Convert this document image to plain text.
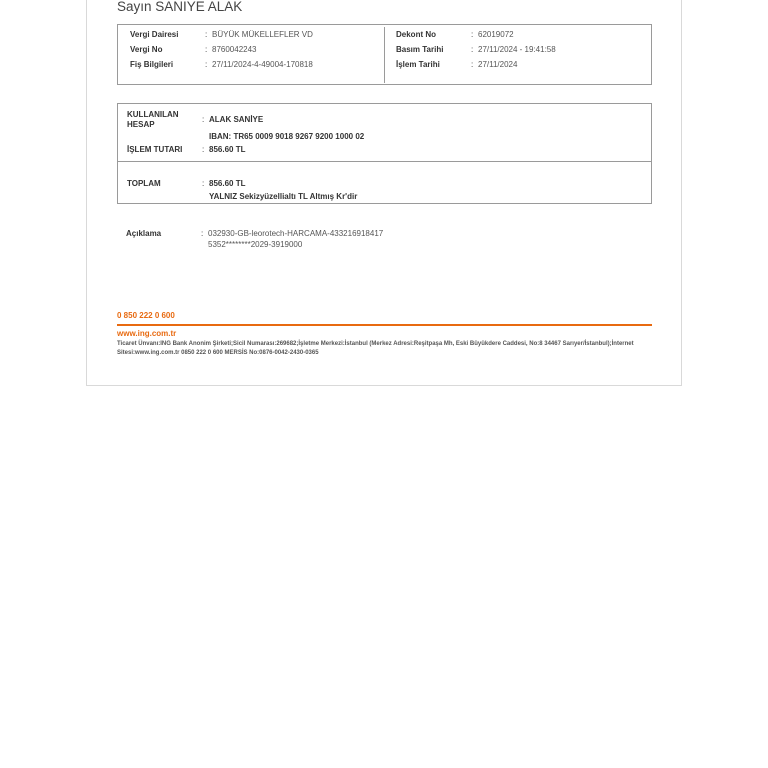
Sayın SANİYE ALAK
Vergi Dairesi	: BÜYÜK MÜKELLEFLER VD
Vergi No	: 8760042243
Fiş Bilgileri	: 27/11/2024-4-49004-170818
Dekont No	: 62019072
Basım Tarihi	: 27/11/2024 - 19:41:58
İşlem Tarihi	: 27/11/2024
KULLANILAN
HESAP
: ALAK SANİYE
IBAN: TR65 0009 9018 9267 9200 1000 02
İŞLEM TUTARI : 856.60 TL
TOPLAM	: 856.60 TL
YALNIZ Sekizyüzellialtı TL Altmış Kr'dir
Açıklama	: 032930-GB-leorotech-HARCAMA-433216918417
5352********2029-3919000
0 850 222 0 600
www.ing.com.tr
Ticaret Ünvanı:ING Bank Anonim Şirketi;Sicil Numarası:269682;İşletme Merkezi:İstanbul (Merkez Adresi:Reşitpaşa Mh, Eski Büyükdere Caddesi, No:8 34467 Sarıyer/İstanbul);İnternet Sitesi:www.ing.com.tr 0850 222 0 600 MERSİS No:0876-0042-2430-0365
